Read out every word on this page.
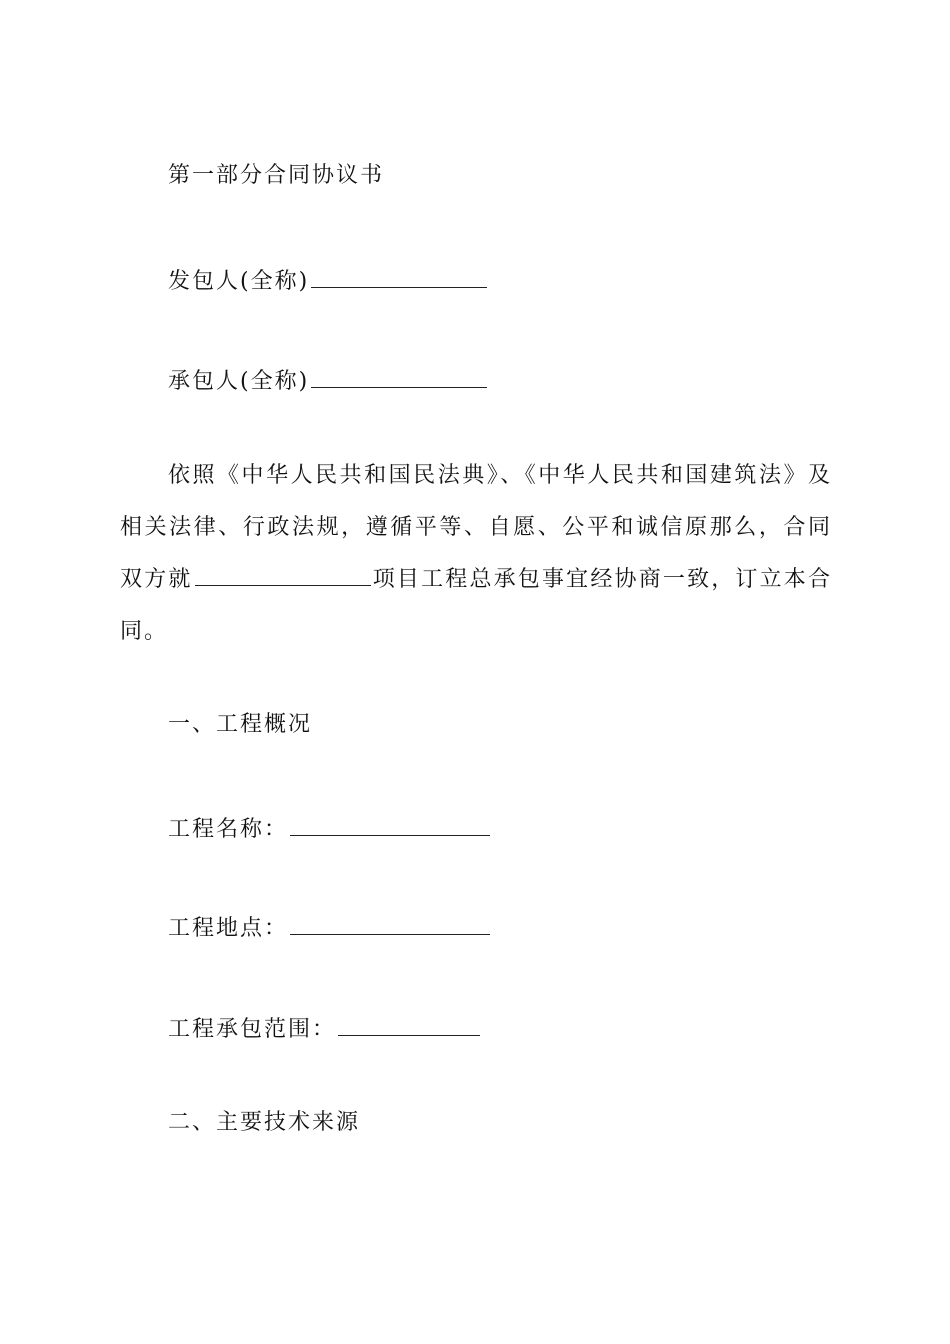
第一部分合同协议书
发包人(全称)
承包人(全称)
依照《中华人民共和国民法典》、《中华人民共和国建筑法》及相关法律、行政法规，遵循平等、自愿、公平和诚信原那么，合同双方就	项目工程总承包事宜经协商一致，订立本合同。
一、工程概况
工程名称：
工程地点：
工程承包范围：
二、主要技术来源
